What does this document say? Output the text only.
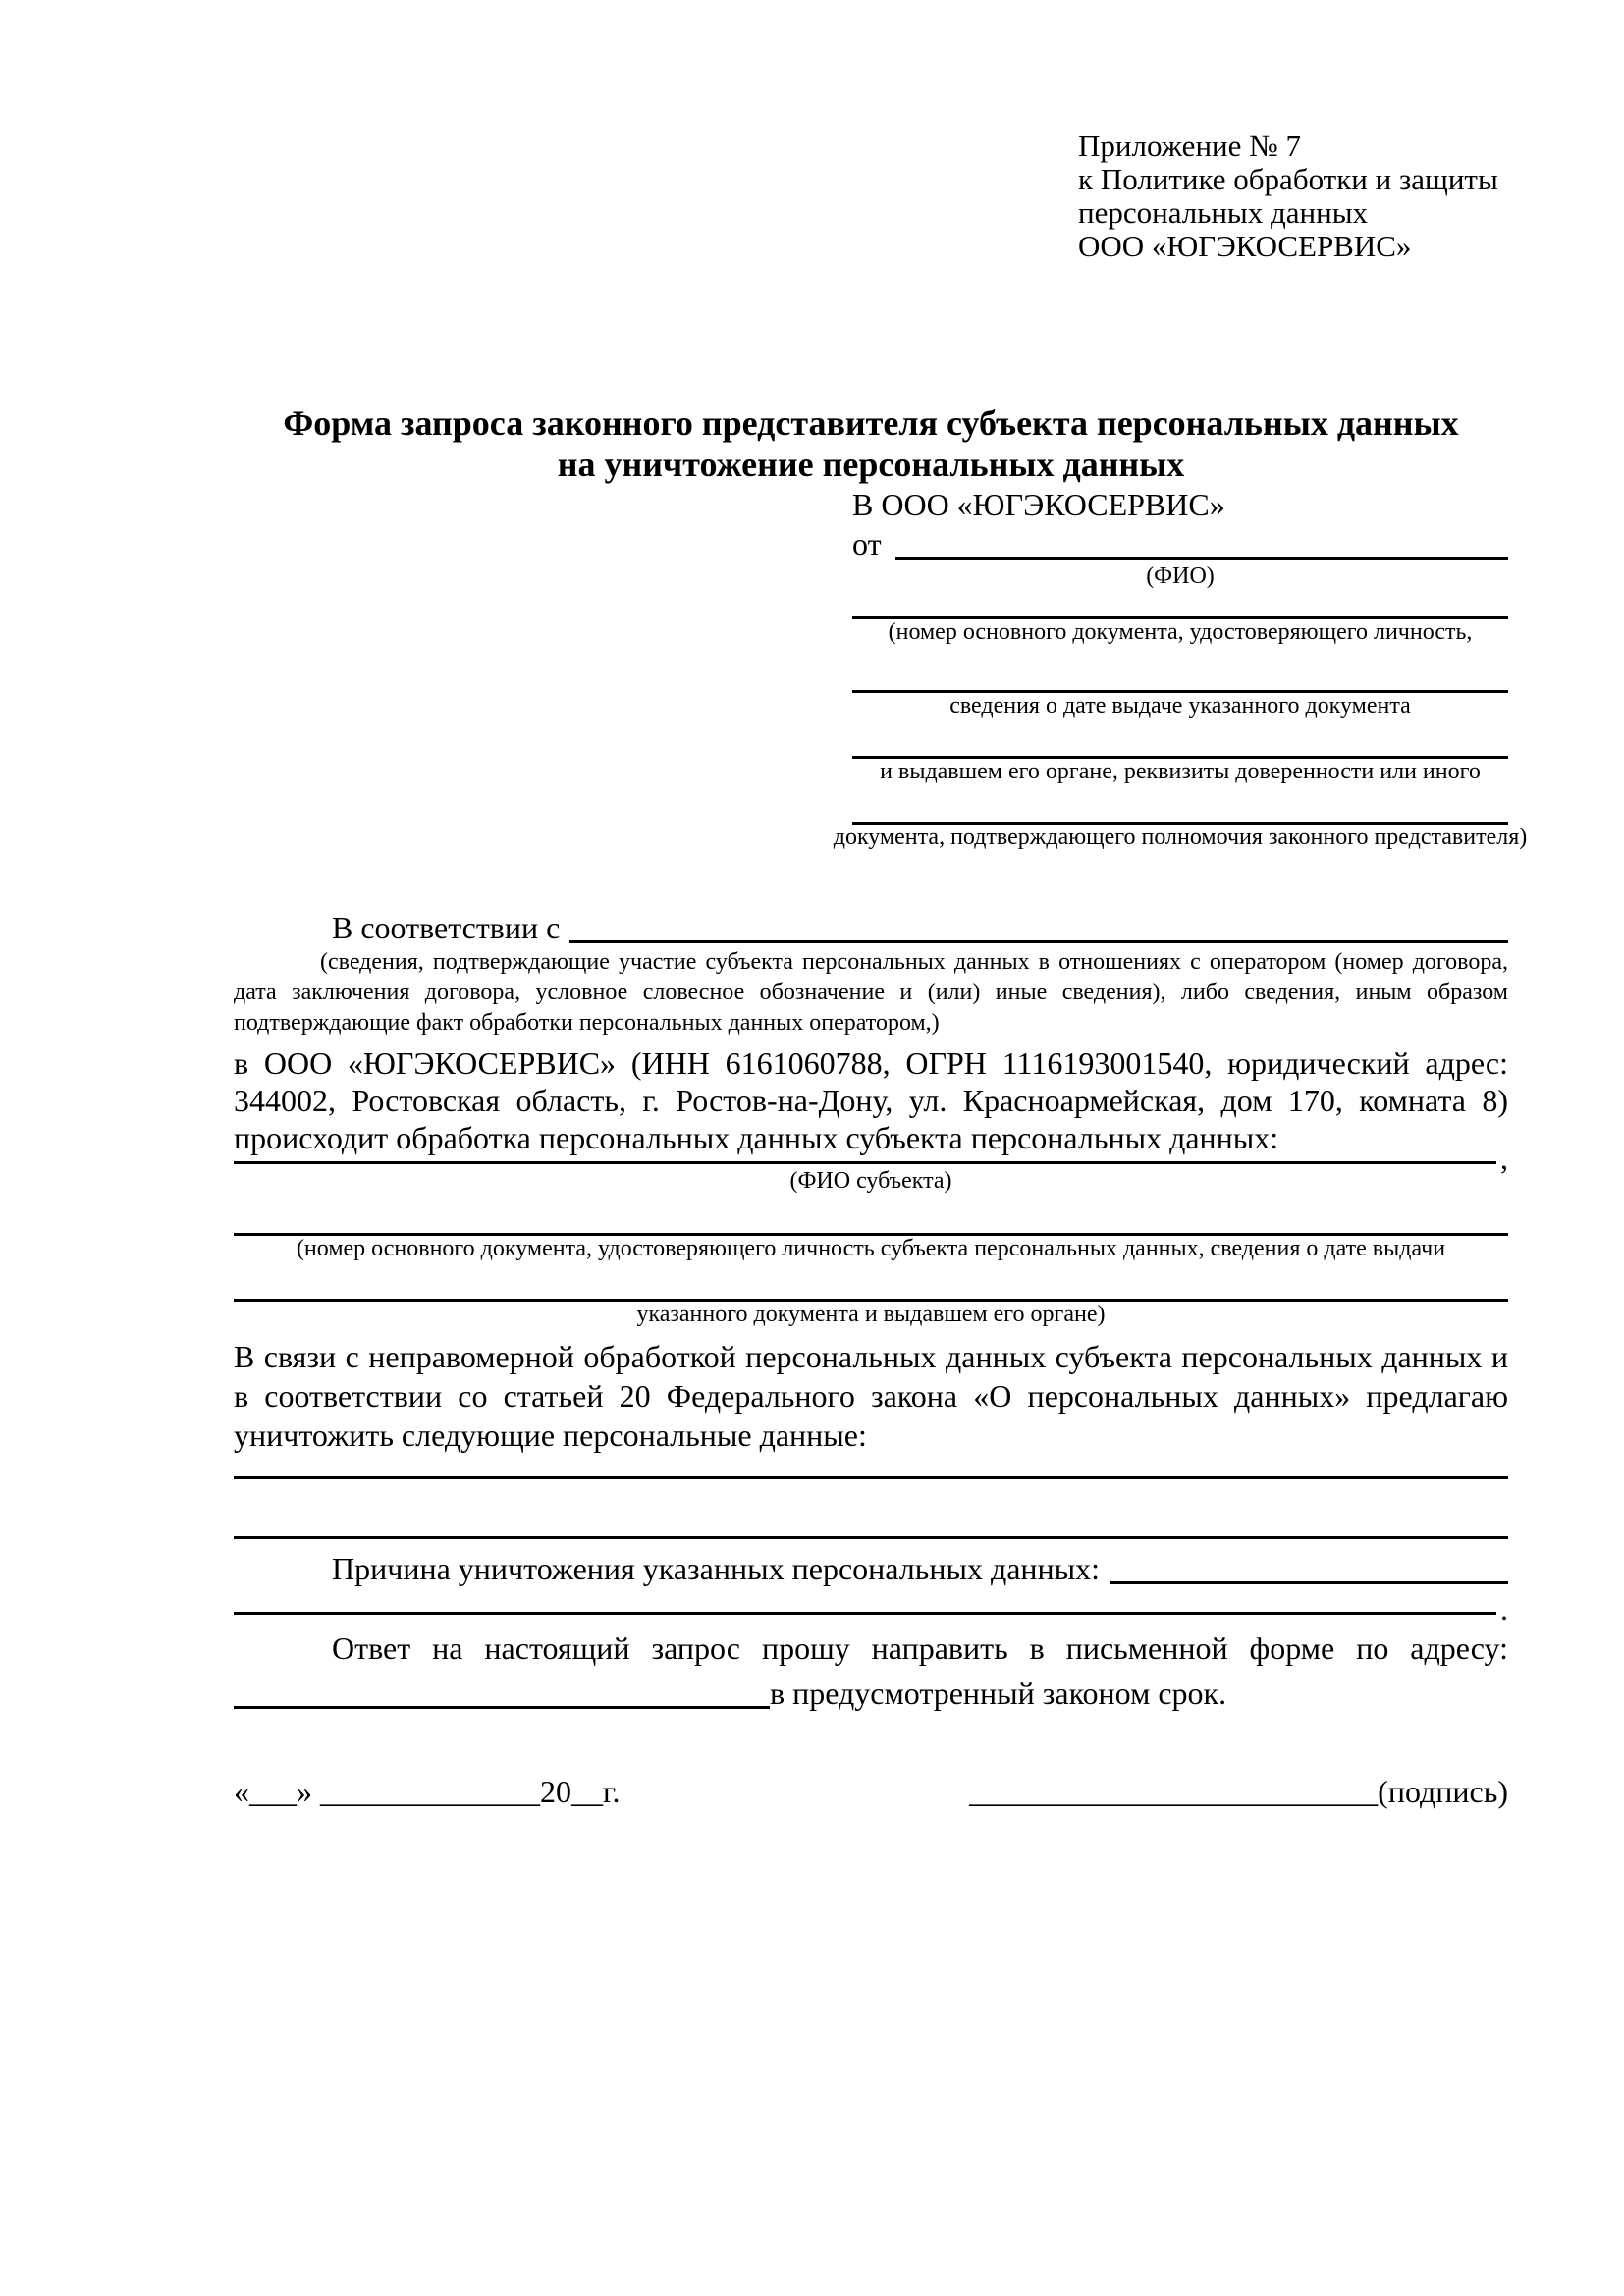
Приложение № 7
к Политике обработки и защиты
персональных данных
ООО «ЮГЭКОСЕРВИС»
Форма запроса законного представителя субъекта персональных данных
на уничтожение персональных данных
В ООО «ЮГЭКОСЕРВИС»
от
(ФИО)
(номер основного документа, удостоверяющего личность,
сведения о дате выдаче указанного документа
и выдавшем его органе, реквизиты доверенности или иного
документа, подтверждающего полномочия законного представителя)
В соответствии с
(сведения, подтверждающие участие субъекта персональных данных в отношениях с оператором (номер договора, дата заключения договора, условное словесное обозначение и (или) иные сведения), либо сведения, иным образом подтверждающие факт обработки персональных данных оператором,)
в ООО «ЮГЭКОСЕРВИС» (ИНН 6161060788, ОГРН 1116193001540, юридический адрес: 344002, Ростовская область, г. Ростов-на-Дону, ул. Красноармейская, дом 170, комната 8) происходит обработка персональных данных субъекта персональных данных:
,
(ФИО субъекта)
(номер основного документа, удостоверяющего личность субъекта персональных данных, сведения о дате выдачи
указанного документа и выдавшем его органе)
В связи с неправомерной обработкой персональных данных субъекта персональных данных и в соответствии со статьей 20 Федерального закона «О персональных данных» предлагаю уничтожить следующие персональные данные:
Причина уничтожения указанных персональных данных:
.
Ответ на настоящий запрос прошу направить в письменной форме по адресу:
в предусмотренный законом срок.
«___» ______________20__г.	__________________________(подпись)
